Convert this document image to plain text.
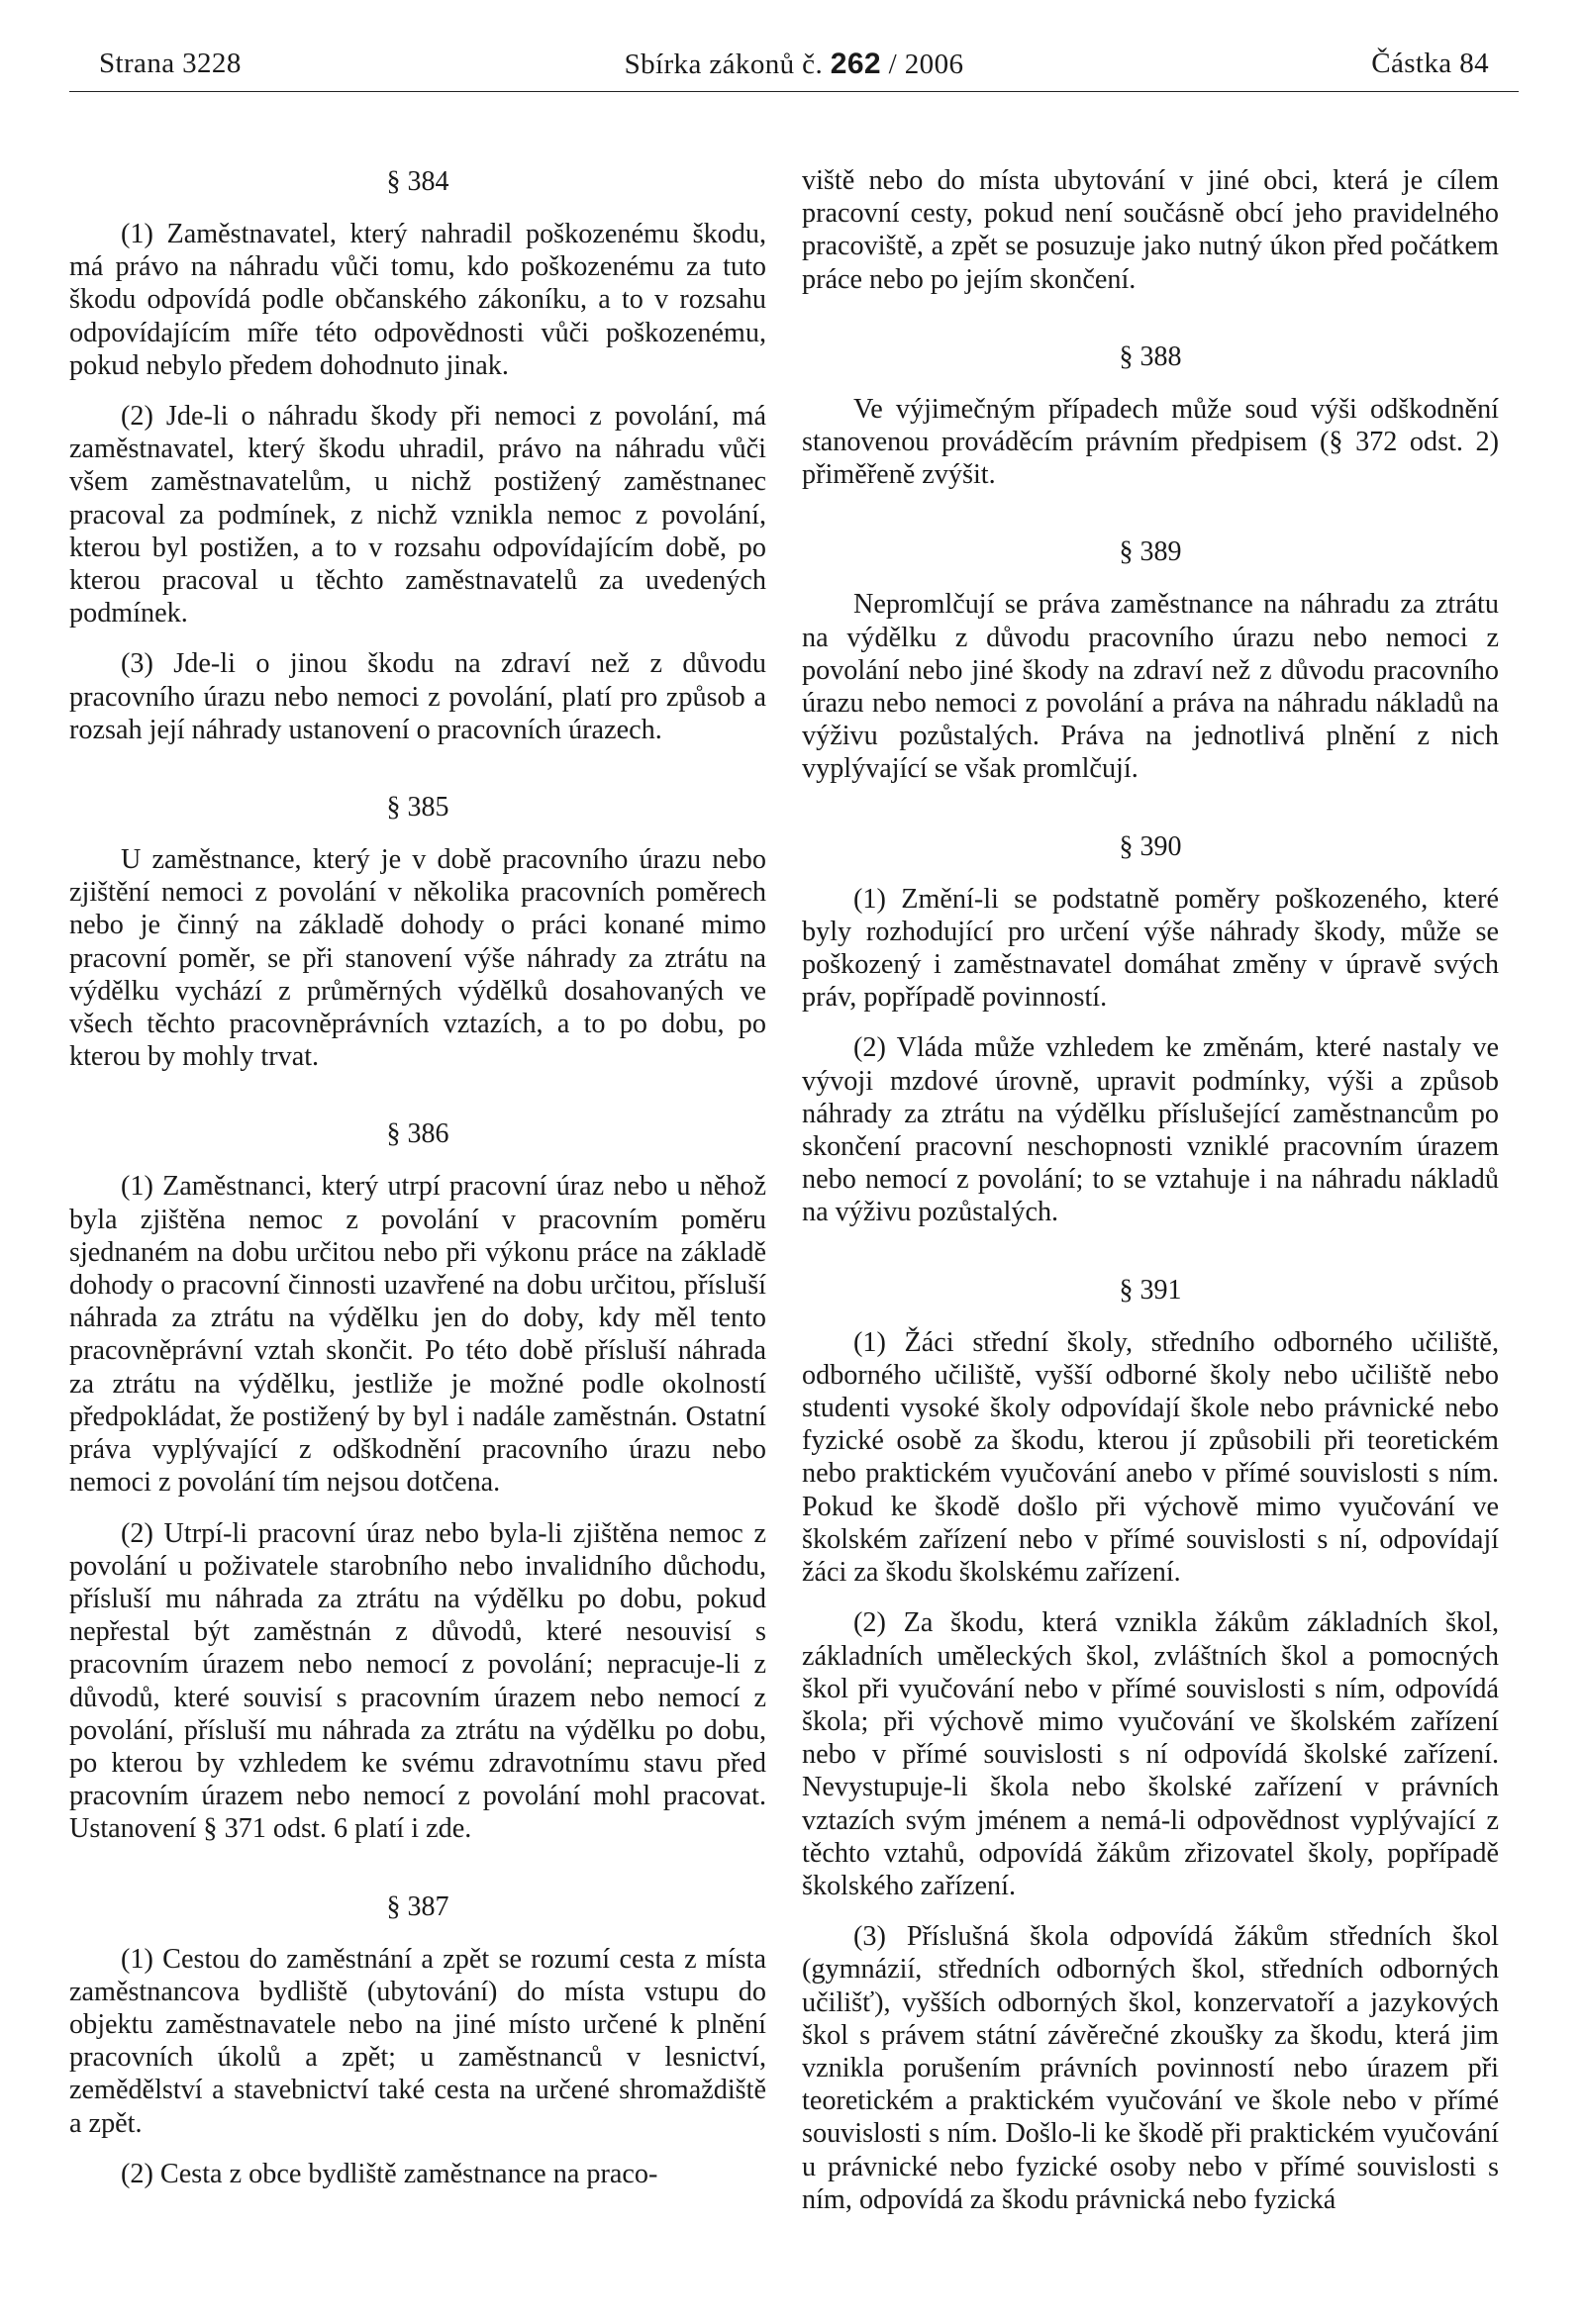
Strana 3228	Sbírka zákonů č. 262 / 2006	Částka 84
§ 384

(1) Zaměstnavatel, který nahradil poškozenému škodu, má právo na náhradu vůči tomu, kdo poškozenému za tuto škodu odpovídá podle občanského zákoníku, a to v rozsahu odpovídajícím míře této odpovědnosti vůči poškozenému, pokud nebylo předem dohodnuto jinak.

(2) Jde-li o náhradu škody při nemoci z povolání, má zaměstnavatel, který škodu uhradil, právo na náhradu vůči všem zaměstnavatelům, u nichž postižený zaměstnanec pracoval za podmínek, z nichž vznikla nemoc z povolání, kterou byl postižen, a to v rozsahu odpovídajícím době, po kterou pracoval u těchto zaměstnavatelů za uvedených podmínek.

(3) Jde-li o jinou škodu na zdraví než z důvodu pracovního úrazu nebo nemoci z povolání, platí pro způsob a rozsah její náhrady ustanovení o pracovních úrazech.

§ 385

U zaměstnance, který je v době pracovního úrazu nebo zjištění nemoci z povolání v několika pracovních poměrech nebo je činný na základě dohody o práci konané mimo pracovní poměr, se při stanovení výše náhrady za ztrátu na výdělku vychází z průměrných výdělků dosahovaných ve všech těchto pracovněprávních vztazích, a to po dobu, po kterou by mohly trvat.

§ 386

(1) Zaměstnanci, který utrpí pracovní úraz nebo u něhož byla zjištěna nemoc z povolání v pracovním poměru sjednaném na dobu určitou nebo při výkonu práce na základě dohody o pracovní činnosti uzavřené na dobu určitou, přísluší náhrada za ztrátu na výdělku jen do doby, kdy měl tento pracovněprávní vztah skončit. Po této době přísluší náhrada za ztrátu na výdělku, jestliže je možné podle okolností předpokládat, že postižený by byl i nadále zaměstnán. Ostatní práva vyplývající z odškodnění pracovního úrazu nebo nemoci z povolání tím nejsou dotčena.

(2) Utrpí-li pracovní úraz nebo byla-li zjištěna nemoc z povolání u poživatele starobního nebo invalidního důchodu, přísluší mu náhrada za ztrátu na výdělku po dobu, pokud nepřestal být zaměstnán z důvodů, které nesouvisí s pracovním úrazem nebo nemocí z povolání; nepracuje-li z důvodů, které souvisí s pracovním úrazem nebo nemocí z povolání, přísluší mu náhrada za ztrátu na výdělku po dobu, po kterou by vzhledem ke svému zdravotnímu stavu před pracovním úrazem nebo nemocí z povolání mohl pracovat. Ustanovení § 371 odst. 6 platí i zde.

§ 387

(1) Cestou do zaměstnání a zpět se rozumí cesta z místa zaměstnancova bydliště (ubytování) do místa vstupu do objektu zaměstnavatele nebo na jiné místo určené k plnění pracovních úkolů a zpět; u zaměstnanců v lesnictví, zemědělství a stavebnictví také cesta na určené shromaždiště a zpět.

(2) Cesta z obce bydliště zaměstnance na praco-

viště nebo do místa ubytování v jiné obci, která je cílem pracovní cesty, pokud není součásně obcí jeho pravidelného pracoviště, a zpět se posuzuje jako nutný úkon před počátkem práce nebo po jejím skončení.

§ 388

Ve výjimečným případech může soud výši odškodnění stanovenou prováděcím právním předpisem (§ 372 odst. 2) přiměřeně zvýšit.

§ 389

Nepromlčují se práva zaměstnance na náhradu za ztrátu na výdělku z důvodu pracovního úrazu nebo nemoci z povolání nebo jiné škody na zdraví než z důvodu pracovního úrazu nebo nemoci z povolání a práva na náhradu nákladů na výživu pozůstalých. Práva na jednotlivá plnění z nich vyplývající se však promlčují.

§ 390

(1) Změní-li se podstatně poměry poškozeného, které byly rozhodující pro určení výše náhrady škody, může se poškozený i zaměstnavatel domáhat změny v úpravě svých práv, popřípadě povinností.

(2) Vláda může vzhledem ke změnám, které nastaly ve vývoji mzdové úrovně, upravit podmínky, výši a způsob náhrady za ztrátu na výdělku příslušející zaměstnancům po skončení pracovní neschopnosti vzniklé pracovním úrazem nebo nemocí z povolání; to se vztahuje i na náhradu nákladů na výživu pozůstalých.

§ 391

(1) Žáci střední školy, středního odborného učiliště, odborného učiliště, vyšší odborné školy nebo učiliště nebo studenti vysoké školy odpovídají škole nebo právnické nebo fyzické osobě za škodu, kterou jí způsobili při teoretickém nebo praktickém vyučování anebo v přímé souvislosti s ním. Pokud ke škodě došlo při výchově mimo vyučování ve školském zařízení nebo v přímé souvislosti s ní, odpovídají žáci za škodu školskému zařízení.

(2) Za škodu, která vznikla žákům základních škol, základních uměleckých škol, zvláštních škol a pomocných škol při vyučování nebo v přímé souvislosti s ním, odpovídá škola; při výchově mimo vyučování ve školském zařízení nebo v přímé souvislosti s ní odpovídá školské zařízení. Nevystupuje-li škola nebo školské zařízení v právních vztazích svým jménem a nemá-li odpovědnost vyplývající z těchto vztahů, odpovídá žákům zřizovatel školy, popřípadě školského zařízení.

(3) Příslušná škola odpovídá žákům středních škol (gymnázií, středních odborných škol, středních odborných učilišť), vyšších odborných škol, konzervatoří a jazykových škol s právem státní závěrečné zkoušky za škodu, která jim vznikla porušením právních povinností nebo úrazem při teoretickém a praktickém vyučování ve škole nebo v přímé souvislosti s ním. Došlo-li ke škodě při praktickém vyučování u právnické nebo fyzické osoby nebo v přímé souvislosti s ním, odpovídá za škodu právnická nebo fyzická
